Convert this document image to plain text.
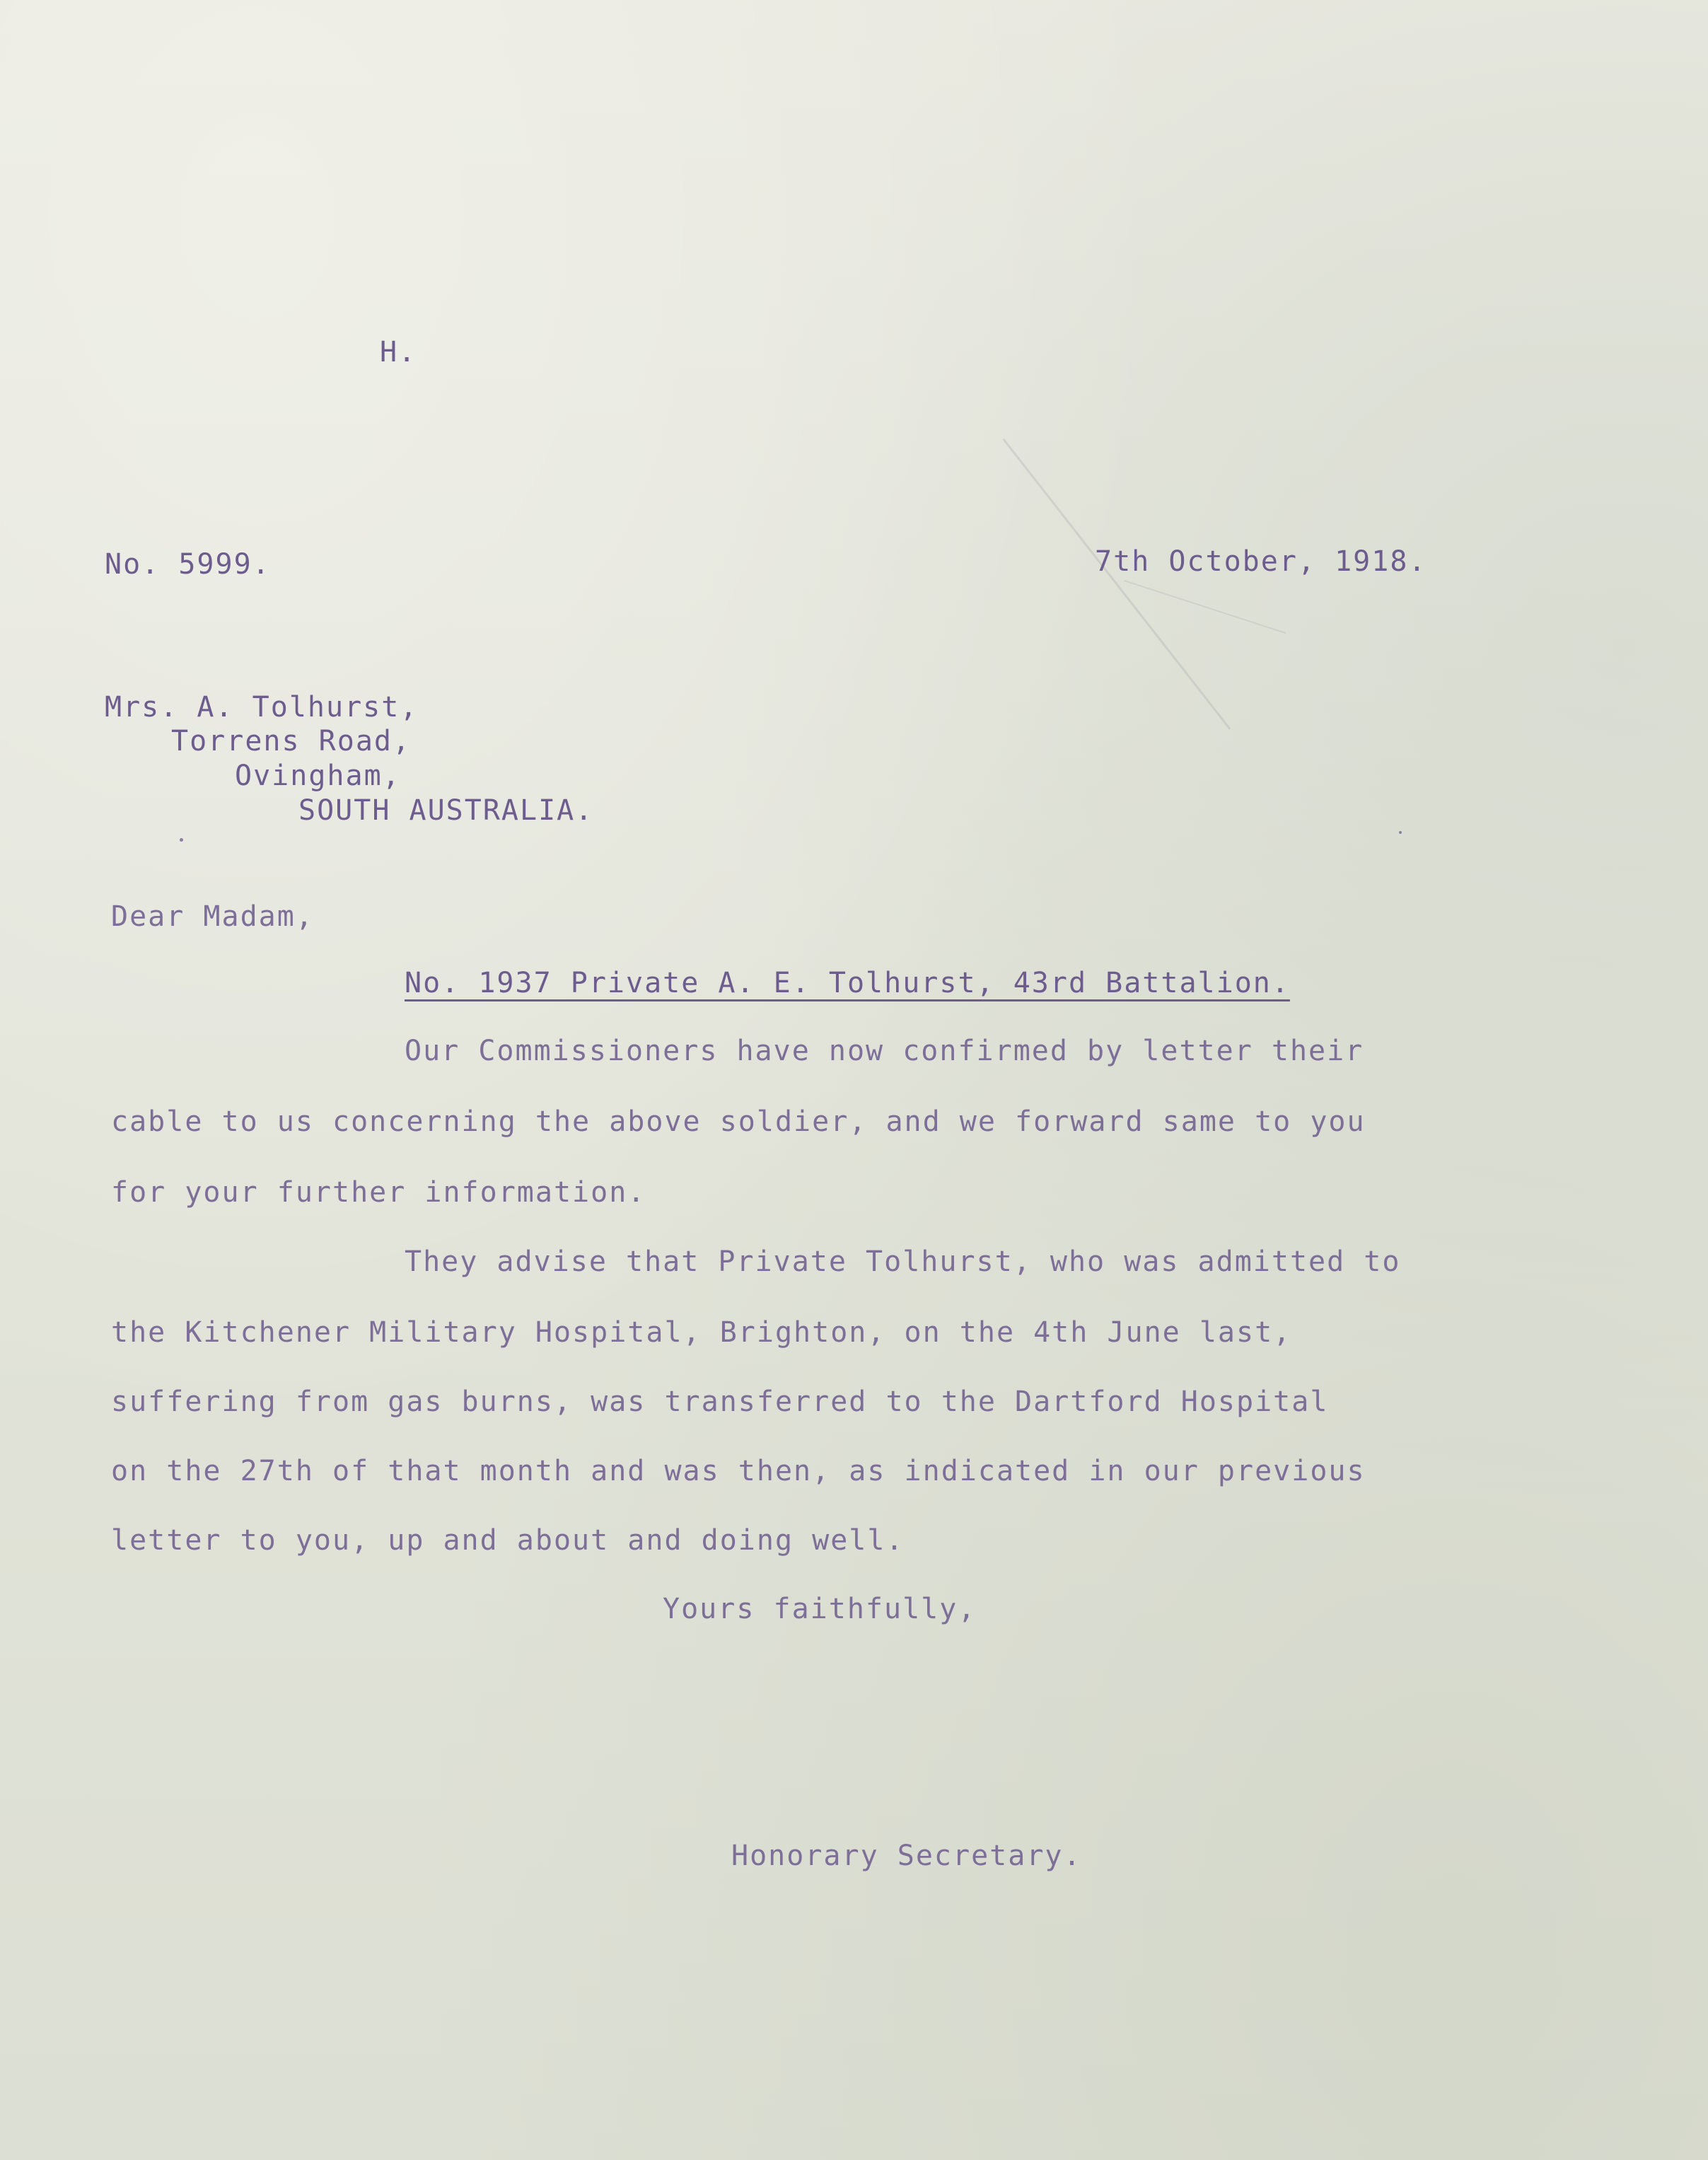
H.
No. 5999.	7th October, 1918.
Mrs. A. Tolhurst,
Torrens Road,
Ovingham,
SOUTH AUSTRALIA.
Dear Madam,
No. 1937 Private A. E. Tolhurst, 43rd Battalion.
Our Commissioners have now confirmed by letter their
cable to us concerning the above soldier, and we forward same to you
for your further information.
They advise that Private Tolhurst, who was admitted to
the Kitchener Military Hospital, Brighton, on the 4th June last,
suffering from gas burns, was transferred to the Dartford Hospital
on the 27th of that month and was then, as indicated in our previous
letter to you, up and about and doing well.
Yours faithfully,
Honorary Secretary.
